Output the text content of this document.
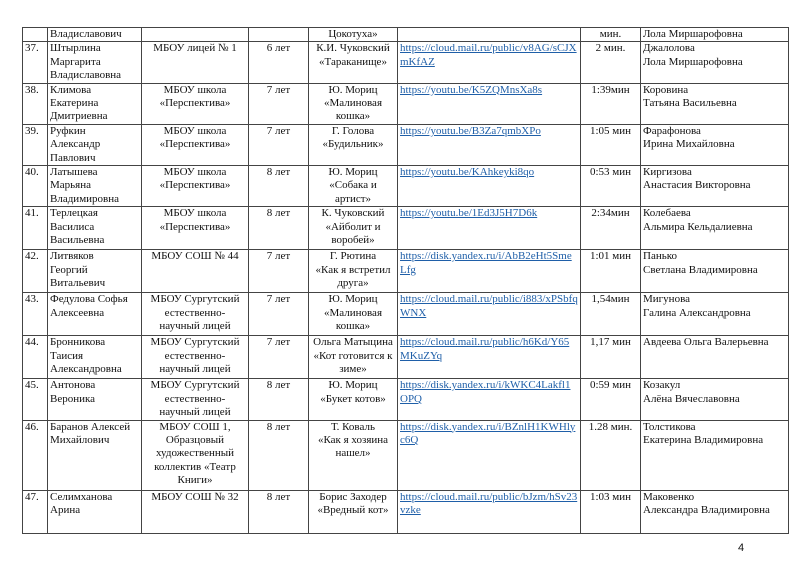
	Владиславович			Цокотуха»		мин.	Лола Миршарофовна
37.	Штырлина
Маргарита
Владиславовна	МБОУ лицей № 1	6 лет	К.И. Чуковский
«Тараканище»	https://cloud.mail.ru/public/v8AG/sCJXmKfAZ	2 мин.	Джалолова
Лола Миршарофовна
38.	Климова
Екатерина
Дмитриевна	МБОУ школа
«Перспектива»	7 лет	Ю. Мориц
«Малиновая
кошка»	https://youtu.be/K5ZQMnsXa8s	1:39мин	Коровина
Татьяна Васильевна
39.	Руфкин
Александр
Павлович	МБОУ школа
«Перспектива»	7 лет	Г. Голова
«Будильник»	https://youtu.be/B3Za7qmbXPo	1:05 мин	Фарафонова
Ирина Михайловна
40.	Латышева
Марьяна
Владимировна	МБОУ школа
«Перспектива»	8 лет	Ю. Мориц
«Собака и
артист»	https://youtu.be/KAhkeyki8qo	0:53 мин	Киргизова
Анастасия Викторовна
41.	Терлецкая
Василиса
Васильевна	МБОУ школа
«Перспектива»	8 лет	К. Чуковский
«Айболит и
воробей»	https://youtu.be/1Ed3J5H7D6k	2:34мин	Колебаева
Альмира Кельдалиевна
42.	Литвяков
Георгий
Витальевич	МБОУ СОШ № 44	7 лет	Г. Рютина
«Как я встретил
друга»	https://disk.yandex.ru/i/AbB2eHt5SmeLfg	1:01 мин	Панько
Светлана Владимировна
43.	Федулова Софья
Алексеевна	МБОУ Сургутский
естественно-
научный лицей	7 лет	Ю. Мориц
«Малиновая
кошка»	https://cloud.mail.ru/public/i883/xPSbfqWNX	1,54мин	Мигунова
Галина Александровна
44.	Бронникова
Таисия
Александровна	МБОУ Сургутский
естественно-
научный лицей	7 лет	Ольга Матыцина
«Кот готовится к
зиме»	https://cloud.mail.ru/public/h6Kd/Y65MKuZYq	1,17 мин	Авдеева Ольга Валерьевна
45.	Антонова
Вероника	МБОУ Сургутский
естественно-
научный лицей	8 лет	Ю. Мориц
«Букет котов»	https://disk.yandex.ru/i/kWKC4Lakfl1OPQ	0:59 мин	Козакул
Алёна Вячеславовна
46.	Баранов Алексей
Михайлович	МБОУ СОШ 1,
Образцовый
художественный
коллектив «Театр
Книги»	8 лет	Т. Коваль
«Как я хозяина
нашел»	https://disk.yandex.ru/i/BZnlH1KWHlyc6Q	1.28 мин.	Толстикова
Екатерина Владимировна
47.	Селимханова
Арина	МБОУ СОШ № 32	8 лет	Борис Заходер
«Вредный кот»	https://cloud.mail.ru/public/bJzm/hSv23vzke	1:03 мин	Маковенко
Александра Владимировна
4
